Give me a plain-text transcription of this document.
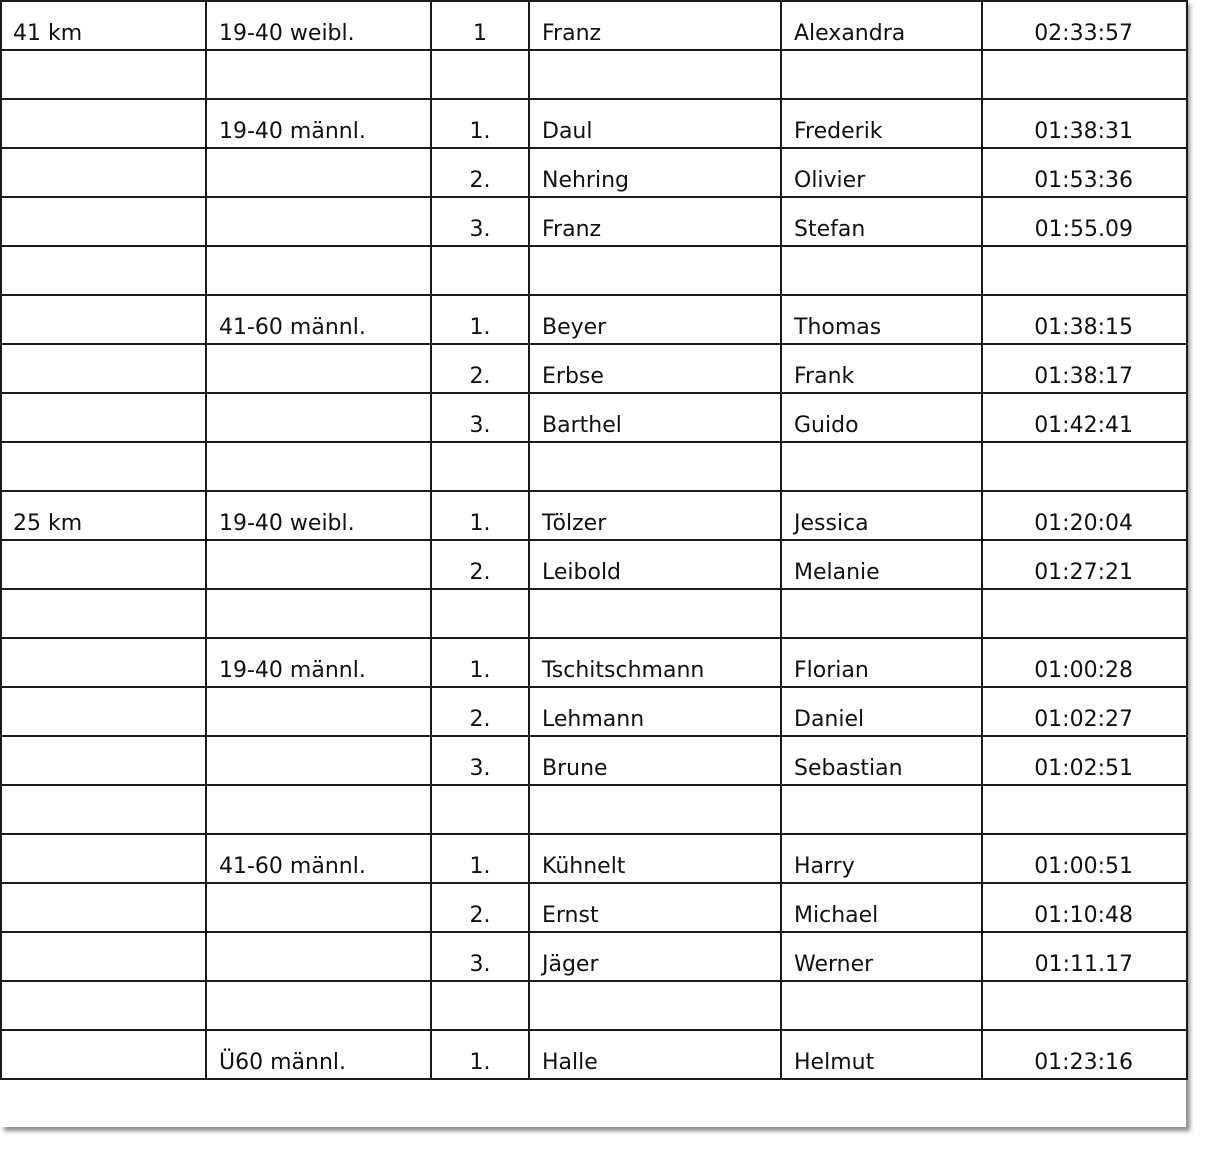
41 km	19-40 weibl.	1	Franz	Alexandra	02:33:57

	19-40 männl.	1.	Daul	Frederik	01:38:31

		2.	Nehring	Olivier	01:53:36

		3.	Franz	Stefan	01:55.09

	41-60 männl.	1.	Beyer	Thomas	01:38:15

		2.	Erbse	Frank	01:38:17

		3.	Barthel	Guido	01:42:41

25 km	19-40 weibl.	1.	Tölzer	Jessica	01:20:04

		2.	Leibold	Melanie	01:27:21

	19-40 männl.	1.	Tschitschmann	Florian	01:00:28

		2.	Lehmann	Daniel	01:02:27

		3.	Brune	Sebastian	01:02:51

	41-60 männl.	1.	Kühnelt	Harry	01:00:51

		2.	Ernst	Michael	01:10:48

		3.	Jäger	Werner	01:11.17

	Ü60 männl.	1.	Halle	Helmut	01:23:16
